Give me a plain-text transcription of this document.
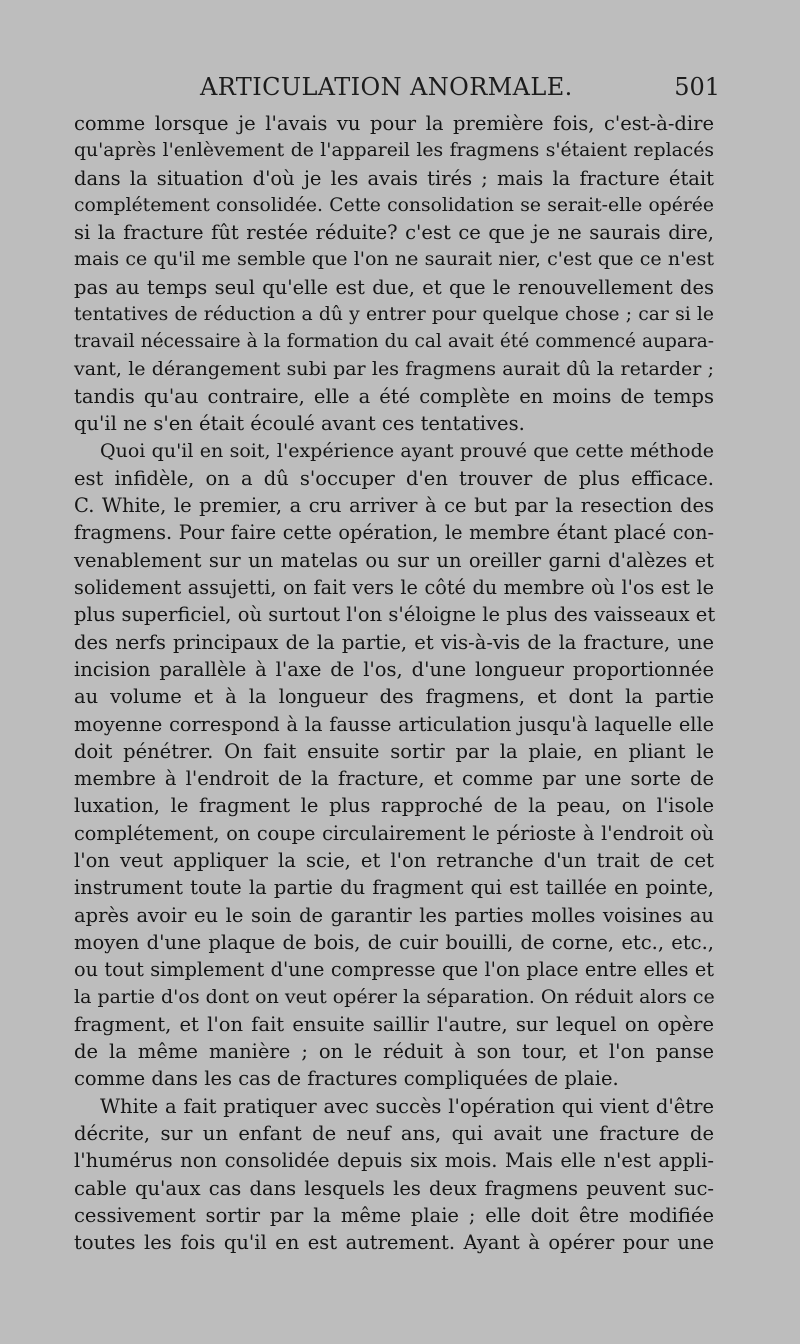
ARTICULATION ANORMALE.	501
comme lorsque je l'avais vu pour la première fois, c'est-à-dire
qu'après l'enlèvement de l'appareil les fragmens s'étaient replacés
dans la situation d'où je les avais tirés ; mais la fracture était
complétement consolidée. Cette consolidation se serait-elle opérée
si la fracture fût restée réduite? c'est ce que je ne saurais dire,
mais ce qu'il me semble que l'on ne saurait nier, c'est que ce n'est
pas au temps seul qu'elle est due, et que le renouvellement des
tentatives de réduction a dû y entrer pour quelque chose ; car si le
travail nécessaire à la formation du cal avait été commencé aupara-
vant, le dérangement subi par les fragmens aurait dû la retarder ;
tandis qu'au contraire, elle a été complète en moins de temps
qu'il ne s'en était écoulé avant ces tentatives.
Quoi qu'il en soit, l'expérience ayant prouvé que cette méthode
est infidèle, on a dû s'occuper d'en trouver de plus efficace.
C. White, le premier, a cru arriver à ce but par la resection des
fragmens. Pour faire cette opération, le membre étant placé con-
venablement sur un matelas ou sur un oreiller garni d'alèzes et
solidement assujetti, on fait vers le côté du membre où l'os est le
plus superficiel, où surtout l'on s'éloigne le plus des vaisseaux et
des nerfs principaux de la partie, et vis-à-vis de la fracture, une
incision parallèle à l'axe de l'os, d'une longueur proportionnée
au volume et à la longueur des fragmens, et dont la partie
moyenne correspond à la fausse articulation jusqu'à laquelle elle
doit pénétrer. On fait ensuite sortir par la plaie, en pliant le
membre à l'endroit de la fracture, et comme par une sorte de
luxation, le fragment le plus rapproché de la peau, on l'isole
complétement, on coupe circulairement le périoste à l'endroit où
l'on veut appliquer la scie, et l'on retranche d'un trait de cet
instrument toute la partie du fragment qui est taillée en pointe,
après avoir eu le soin de garantir les parties molles voisines au
moyen d'une plaque de bois, de cuir bouilli, de corne, etc., etc.,
ou tout simplement d'une compresse que l'on place entre elles et
la partie d'os dont on veut opérer la séparation. On réduit alors ce
fragment, et l'on fait ensuite saillir l'autre, sur lequel on opère
de la même manière ; on le réduit à son tour, et l'on panse
comme dans les cas de fractures compliquées de plaie.
White a fait pratiquer avec succès l'opération qui vient d'être
décrite, sur un enfant de neuf ans, qui avait une fracture de
l'humérus non consolidée depuis six mois. Mais elle n'est appli-
cable qu'aux cas dans lesquels les deux fragmens peuvent suc-
cessivement sortir par la même plaie ; elle doit être modifiée
toutes les fois qu'il en est autrement. Ayant à opérer pour une
